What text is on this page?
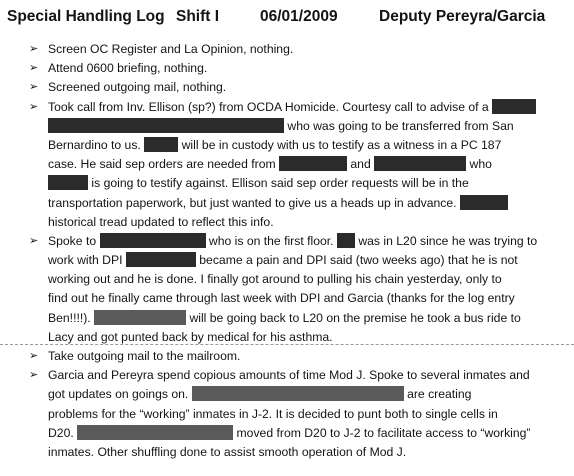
Special Handling Log Shift I	06/01/2009	Deputy Pereyra/Garcia
➢ Screen OC Register and La Opinion, nothing.
➢ Attend 0600 briefing, nothing.
➢ Screened outgoing mail, nothing.
➢ Took call from Inv. Ellison (sp?) from OCDA Homicide. Courtesy call to advise of a
who was going to be transferred from San
Bernardino to us.	will be in custody with us to testify as a witness in a PC 187
case. He said sep orders are needed from	and	who
is going to testify against. Ellison said sep order requests will be in the
transportation paperwork, but just wanted to give us a heads up in advance.
historical tread updated to reflect this info.
➢ Spoke to	who is on the first floor. was in L20 since he was trying to
work with DPI	became a pain and DPI said (two weeks ago) that he is not
working out and he is done. I finally got around to pulling his chain yesterday, only to
find out he finally came through last week with DPI and Garcia (thanks for the log entry
Ben!!!!).	will be going back to L20 on the premise he took a bus ride to
Lacy and got punted back by medical for his asthma.
➢ Take outgoing mail to the mailroom.
➢ Garcia and Pereyra spend copious amounts of time Mod J. Spoke to several inmates and
got updates on goings on.	are creating
problems for the “working” inmates in J-2. It is decided to punt both to single cells in
D20.	moved from D20 to J-2 to facilitate access to “working”
inmates. Other shuffling done to assist smooth operation of Mod J.
